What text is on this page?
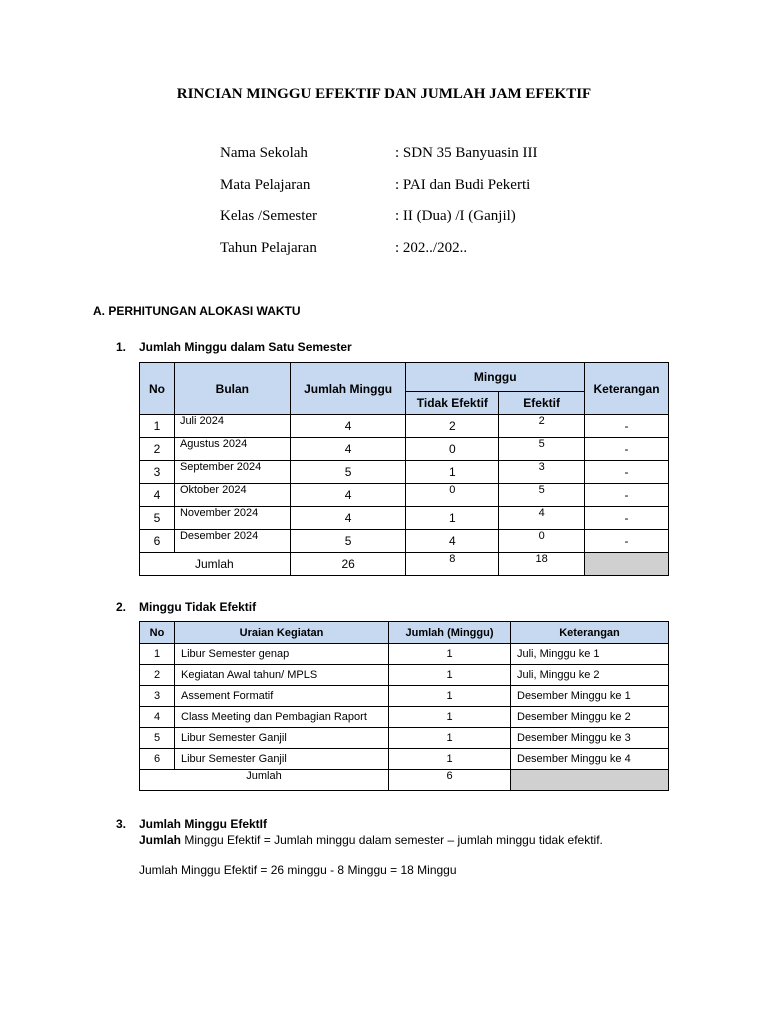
RINCIAN MINGGU EFEKTIF DAN JUMLAH JAM EFEKTIF
Nama Sekolah	: SDN 35 Banyuasin III
Mata Pelajaran	: PAI dan Budi Pekerti
Kelas /Semester	: II (Dua) /I (Ganjil)
Tahun Pelajaran	: 202../202..
A. PERHITUNGAN ALOKASI WAKTU
1. Jumlah Minggu dalam Satu Semester
No	Bulan	Jumlah Minggu	Minggu		Keterangan
			Tidak Efektif	Efektif	
1	Juli 2024	4	2	2	-
2	Agustus 2024	4	0	5	-
3	September 2024	5	1	3	-
4	Oktober 2024	4	0	5	-
5	November 2024	4	1	4	-
6	Desember 2024	5	4	0	-
Jumlah		26	8	18	
2. Minggu Tidak Efektif
No	Uraian Kegiatan	Jumlah (Minggu)	Keterangan
1	Libur Semester genap	1	Juli, Minggu ke 1
2	Kegiatan Awal tahun/ MPLS	1	Juli, Minggu ke 2
3	Assement Formatif	1	Desember Minggu ke 1
4	Class Meeting dan Pembagian Raport	1	Desember Minggu ke 2
5	Libur Semester Ganjil	1	Desember Minggu ke 3
6	Libur Semester Ganjil	1	Desember Minggu ke 4
Jumlah		6	
3. Jumlah Minggu EfektIf
Jumlah Minggu Efektif = Jumlah minggu dalam semester – jumlah minggu tidak efektif.
Jumlah Minggu Efektif = 26 minggu - 8 Minggu = 18 Minggu
